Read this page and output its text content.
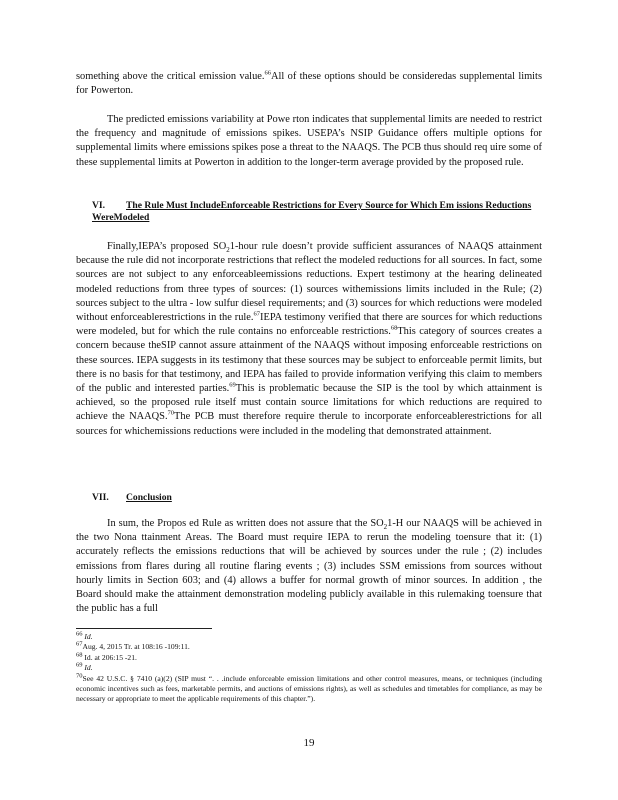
something above the critical emission value.$^{66}$All of these options should be consideredas supplemental limits for Powerton.

The predicted emissions variability at Powe rton indicates that supplemental limits are needed to restrict the frequency and magnitude of emissions spikes. USEPA’s NSIP Guidance offers multiple options for supplemental limits where emissions spikes pose a threat to the NAAQS. The PCB thus should req uire some of these supplemental limits at Powerton in addition to the longer-term average provided by the proposed rule.

VI. The Rule Must IncludeEnforceable Restrictions for Every Source for Which Em issions Reductions WereModeled

Finally,IEPA’s proposed $SO_21$-hour rule doesn’t provide sufficient assurances of NAAQS attainment because the rule did not incorporate restrictions that reflect the modeled reductions for all sources. In fact, some sources are not subject to any enforceableemissions reductions. Expert testimony at the hearing delineated modeled reductions from three types of sources: (1) sources withemissions limits included in the Rule; (2) sources subject to the ultra - low sulfur diesel requirements; and (3) sources for which reductions were modeled without enforceablerestrictions in the rule.$^{67}$IEPA testimony verified that there are sources for which reductions were modeled, but for which the rule contains no enforceable restrictions.$^{68}$This category of sources creates a concern because theSIP cannot assure attainment of the NAAQS without imposing enforceable restrictions on these sources. IEPA suggests in its testimony that these sources may be subject to enforceable permit limits, but there is no basis for that testimony, and IEPA has failed to provide information verifying this claim to members of the public and interested parties.$^{69}$This is problematic because the SIP is the tool by which attainment is achieved, so the proposed rule itself must contain source limitations for which reductions are required to achieve the NAAQS.$^{70}$The PCB must therefore require therule to incorporate enforceablerestrictions for all sources for whichemissions reductions were included in the modeling that demonstrated attainment.

VII. Conclusion

In sum, the Propos ed Rule as written does not assure that the $SO_21-H$ our NAAQS will be achieved in the two Nona ttainment Areas. The Board must require IEPA to rerun the modeling toensure that it: (1) accurately reflects the emissions reductions that will be achieved by sources under the rule ; (2) includes emissions from flares during all routine flaring events ; (3) includes SSM emissions from sources without hourly limits in Section 603; and (4) allows a buffer for normal growth of minor sources. In addition , the Board should make the attainment demonstration modeling publicly available in this rulemaking toensure that the public has a full

$^{66}$ Id.
$^{67}$Aug. 4, 2015 Tr. at 108:16 -109:11.
$^{68}$ Id. at 206:15 -21.
$^{69}$ Id.
$^{70}$See 42 U.S.C. § 7410 (a)(2) (SIP must “. . .include enforceable emission limitations and other control measures, means, or techniques (including economic incentives such as fees, marketable permits, and auctions of emissions rights), as well as schedules and timetables for compliance, as may be necessary or appropriate to meet the applicable requirements of this chapter.”).
19
